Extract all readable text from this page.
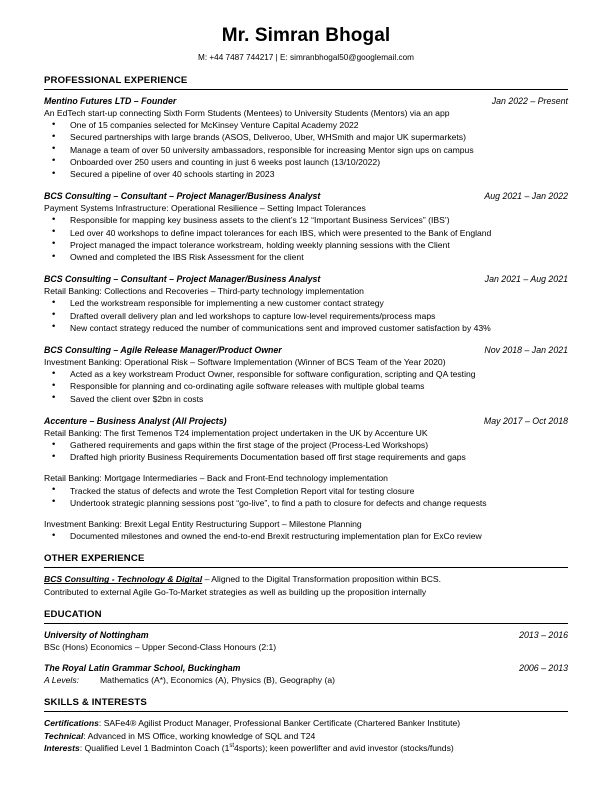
Mr. Simran Bhogal
M: +44 7487 744217 | E: simranbhogal50@googlemail.com
PROFESSIONAL EXPERIENCE
Mentino Futures LTD – Founder	Jan 2022 – Present
An EdTech start-up connecting Sixth Form Students (Mentees) to University Students (Mentors) via an app
• One of 15 companies selected for McKinsey Venture Capital Academy 2022
• Secured partnerships with large brands (ASOS, Deliveroo, Uber, WHSmith and major UK supermarkets)
• Manage a team of over 50 university ambassadors, responsible for increasing Mentor sign ups on campus
• Onboarded over 250 users and counting in just 6 weeks post launch (13/10/2022)
• Secured a pipeline of over 40 schools starting in 2023
BCS Consulting – Consultant – Project Manager/Business Analyst	Aug 2021 – Jan 2022
Payment Systems Infrastructure: Operational Resilience – Setting Impact Tolerances
• Responsible for mapping key business assets to the client’s 12 “Important Business Services” (IBS’)
• Led over 40 workshops to define impact tolerances for each IBS, which were presented to the Bank of England
• Project managed the impact tolerance workstream, holding weekly planning sessions with the Client
• Owned and completed the IBS Risk Assessment for the client
BCS Consulting – Consultant – Project Manager/Business Analyst	Jan 2021 – Aug 2021
Retail Banking: Collections and Recoveries – Third-party technology implementation
• Led the workstream responsible for implementing a new customer contact strategy
• Drafted overall delivery plan and led workshops to capture low-level requirements/process maps
• New contact strategy reduced the number of communications sent and improved customer satisfaction by 43%
BCS Consulting – Agile Release Manager/Product Owner	Nov 2018 – Jan 2021
Investment Banking: Operational Risk – Software Implementation (Winner of BCS Team of the Year 2020)
• Acted as a key workstream Product Owner, responsible for software configuration, scripting and QA testing
• Responsible for planning and co-ordinating agile software releases with multiple global teams
• Saved the client over $2bn in costs
Accenture – Business Analyst (All Projects)	May 2017 – Oct 2018
Retail Banking: The first Temenos T24 implementation project undertaken in the UK by Accenture UK
• Gathered requirements and gaps within the first stage of the project (Process-Led Workshops)
• Drafted high priority Business Requirements Documentation based off first stage requirements and gaps
Retail Banking: Mortgage Intermediaries – Back and Front-End technology implementation
• Tracked the status of defects and wrote the Test Completion Report vital for testing closure
• Undertook strategic planning sessions post “go-live”, to find a path to closure for defects and change requests
Investment Banking: Brexit Legal Entity Restructuring Support – Milestone Planning
• Documented milestones and owned the end-to-end Brexit restructuring implementation plan for ExCo review
OTHER EXPERIENCE

BCS Consulting - Technology & Digital – Aligned to the Digital Transformation proposition within BCS.

Contributed to external Agile Go-To-Market strategies as well as building up the proposition internally

EDUCATION
University of Nottingham	2013 – 2016

BSc (Hons) Economics – Upper Second-Class Honours (2:1)

The Royal Latin Grammar School, Buckingham	2006 – 2013

A Levels: Mathematics (A*), Economics (A), Physics (B), Geography (a)

SKILLS & INTERESTS

Certifications: SAFe4® Agilist Product Manager, Professional Banker Certificate (Chartered Banker Institute)

Technical: Advanced in MS Office, working knowledge of SQL and T24

Interests: Qualified Level 1 Badminton Coach (1st4sports); keen powerlifter and avid investor (stocks/funds)
